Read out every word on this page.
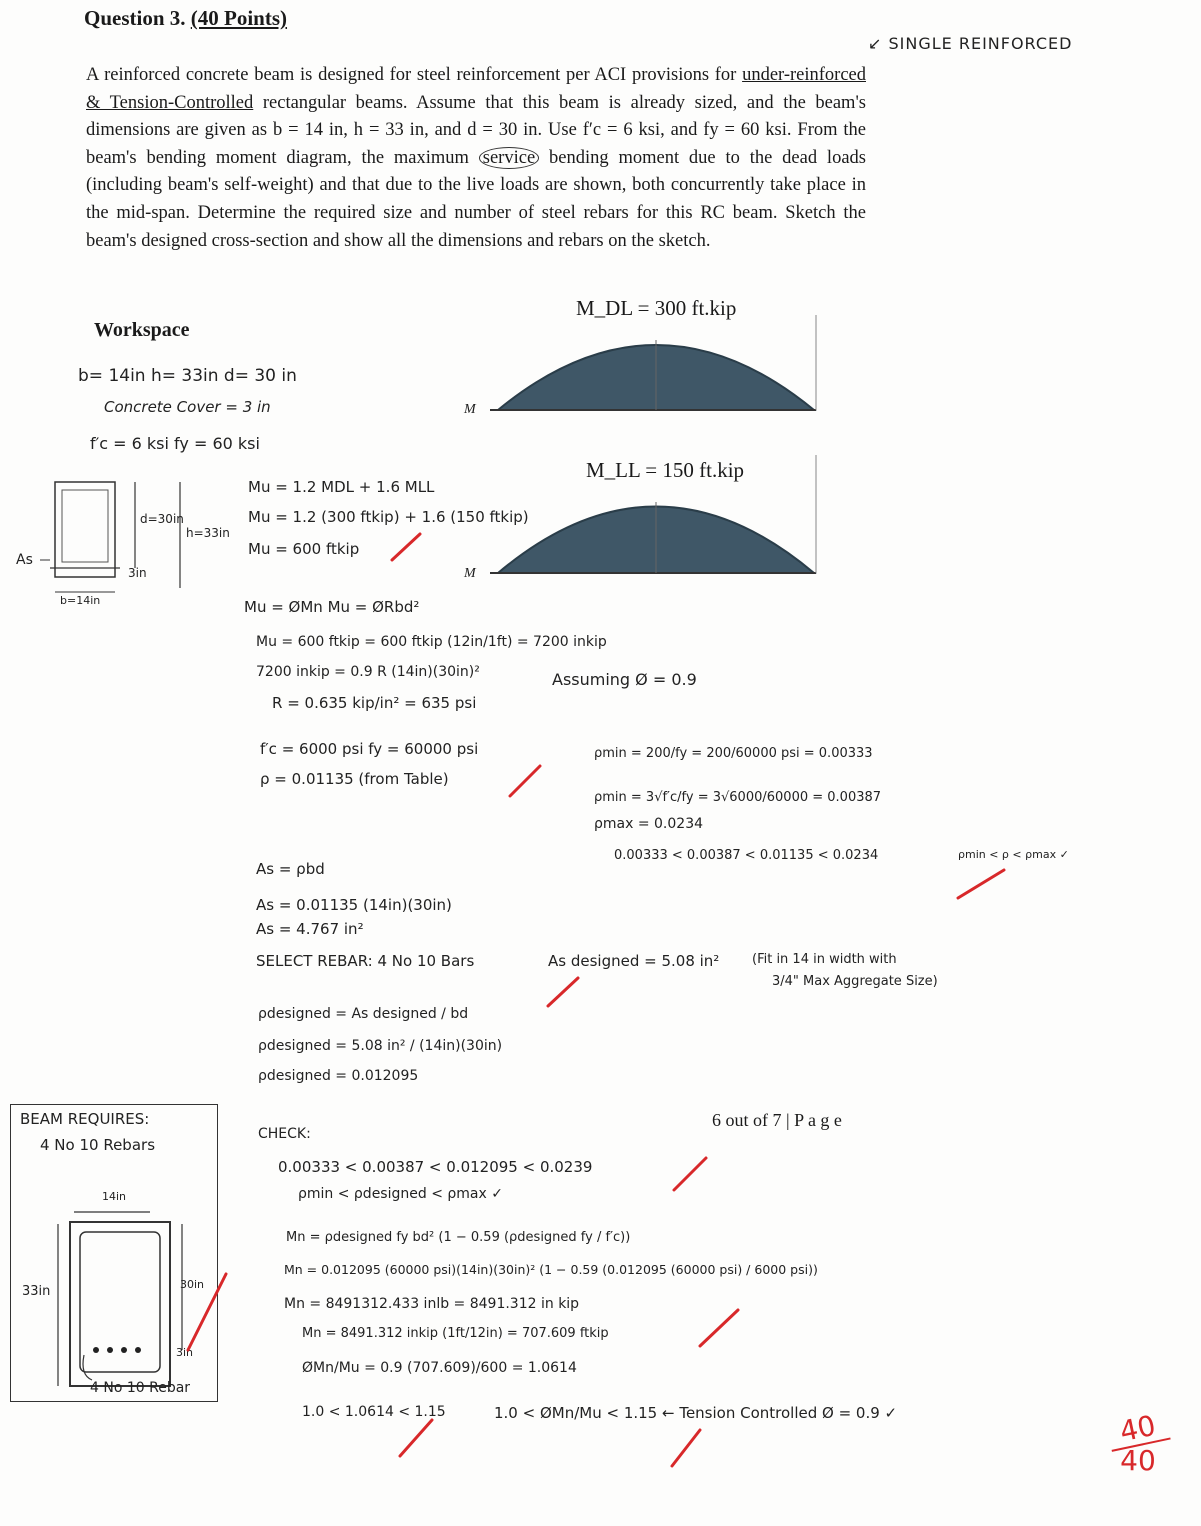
Question 3. (40 Points)
↙ SINGLE REINFORCED
A reinforced concrete beam is designed for steel reinforcement per ACI provisions for under-reinforced & Tension-Controlled rectangular beams. Assume that this beam is already sized, and the beam's dimensions are given as b = 14 in, h = 33 in, and d = 30 in. Use f′c = 6 ksi, and fy = 60 ksi. From the beam's bending moment diagram, the maximum service bending moment due to the dead loads (including beam's self-weight) and that due to the live loads are shown, both concurrently take place in the mid-span. Determine the required size and number of steel rebars for this RC beam. Sketch the beam's designed cross-section and show all the dimensions and rebars on the sketch.
Workspace
M_DL = 300 ft.kip
M_LL = 150 ft.kip
M
M
b= 14in h= 33in d= 30 in
Concrete Cover = 3 in
f′c = 6 ksi fy = 60 ksi
d=30in
h=33in
As
3in
b=14in
Mu = 1.2 MDL + 1.6 MLL
Mu = 1.2 (300 ftkip) + 1.6 (150 ftkip)
Mu = 600 ftkip
Mu = ØMn Mu = ØRbd²
Mu = 600 ftkip = 600 ftkip (12in/1ft) = 7200 inkip
7200 inkip = 0.9 R (14in)(30in)²	Assuming Ø = 0.9
R = 0.635 kip/in² = 635 psi
f′c = 6000 psi fy = 60000 psi
ρ = 0.01135 (from Table)
ρmin = 200/fy = 200/60000 psi = 0.00333
ρmin = 3√f′c/fy = 3√6000/60000 = 0.00387
ρmax = 0.0234
0.00333 < 0.00387 < 0.01135 < 0.0234	ρmin < ρ < ρmax ✓
As = ρbd
As = 0.01135 (14in)(30in)
As = 4.767 in²
SELECT REBAR: 4 No 10 Bars	As designed = 5.08 in²	(Fit in 14 in width with
3/4" Max Aggregate Size)
ρdesigned = As designed / bd
ρdesigned = 5.08 in² / (14in)(30in)
ρdesigned = 0.012095
6 out of 7 | P a g e
BEAM REQUIRES:
4 No 10 Rebars
14in
33in	30in
3in
4 No 10 Rebar
CHECK:
0.00333 < 0.00387 < 0.012095 < 0.0239
ρmin < ρdesigned < ρmax ✓
Mn = ρdesigned fy bd² (1 − 0.59 (ρdesigned fy / f′c))
Mn = 0.012095 (60000 psi)(14in)(30in)² (1 − 0.59 (0.012095 (60000 psi) / 6000 psi))
Mn = 8491312.433 inlb = 8491.312 in kip
Mn = 8491.312 inkip (1ft/12in) = 707.609 ftkip
ØMn/Mu = 0.9 (707.609)/600 = 1.0614
1.0 < 1.0614 < 1.15	1.0 < ØMn/Mu < 1.15 ← Tension Controlled Ø = 0.9 ✓	40
40
